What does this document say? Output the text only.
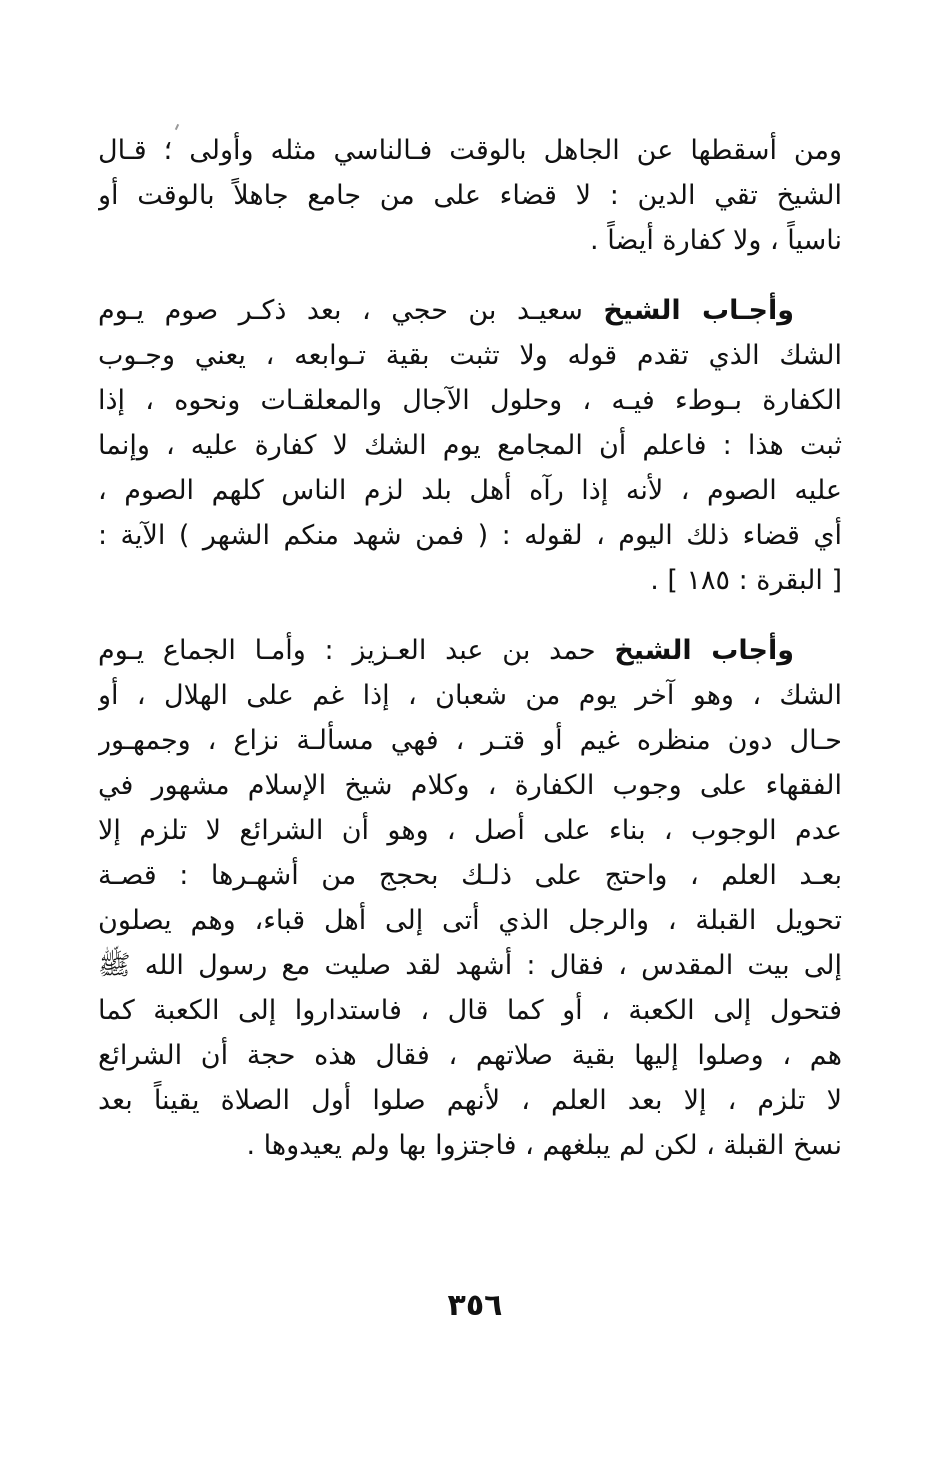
ومن أسقطها عن الجاهل بالوقت فـالناسي مثله وأولى ؛ قـال
الشيخ تقي الدين : لا قضاء على من جامع جاهلاً بالوقت أو
ناسياً ، ولا كفارة أيضاً .
وأجـاب الشيخ سعيـد بن حجي ، بعد ذكـر صوم يـوم
الشك الذي تقدم قوله ولا تثبت بقية تـوابعه ، يعني وجـوب
الكفارة بـوطء فيـه ، وحلول الآجال والمعلقـات ونحوه ، إذا
ثبت هذا : فاعلم أن المجامع يوم الشك لا كفارة عليه ، وإنما
عليه الصوم ، لأنه إذا رآه أهل بلد لزم الناس كلهم الصوم ،
أي قضاء ذلك اليوم ، لقوله : ( فمن شهد منكم الشهر ) الآية :
[ البقرة : ١٨٥ ] .
وأجاب الشيخ حمد بن عبد العـزيز : وأمـا الجماع يـوم
الشك ، وهو آخر يوم من شعبان ، إذا غم على الهلال ، أو
حـال دون منظره غيم أو قتـر ، فهي مسألـة نزاع ، وجمهـور
الفقهاء على وجوب الكفارة ، وكلام شيخ الإسلام مشهور في
عدم الوجوب ، بناء على أصل ، وهو أن الشرائع لا تلزم إلا
بعـد العلم ، واحتج على ذلـك بحجج من أشهـرها : قصـة
تحويل القبلة ، والرجل الذي أتى إلى أهل قباء، وهم يصلون
إلى بيت المقدس ، فقال : أشهد لقد صليت مع رسول الله ﷺ
فتحول إلى الكعبة ، أو كما قال ، فاستداروا إلى الكعبة كما
هم ، وصلوا إليها بقية صلاتهم ، فقال هذه حجة أن الشرائع
لا تلزم ، إلا بعد العلم ، لأنهم صلوا أول الصلاة يقيناً بعد
نسخ القبلة ، لكن لم يبلغهم ، فاجتزوا بها ولم يعيدوها .
٣٥٦
